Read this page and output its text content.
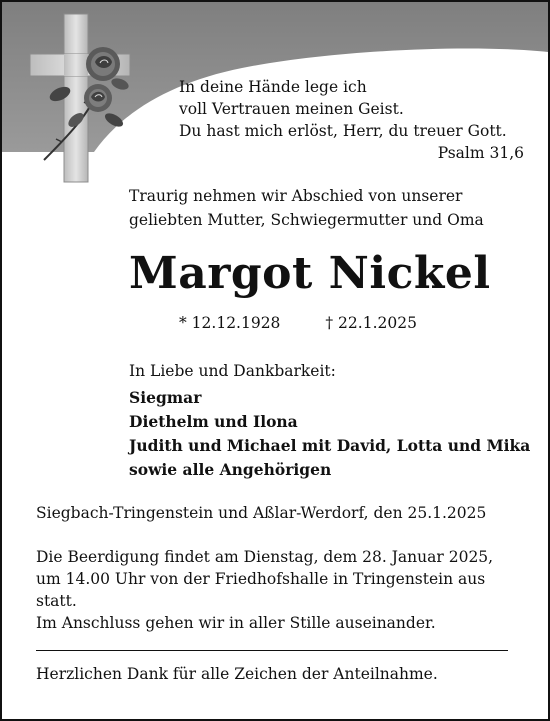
In deine Hände lege ich
voll Vertrauen meinen Geist.
Du hast mich erlöst, Herr, du treuer Gott.
Psalm 31,6
Traurig nehmen wir Abschied von unserer
geliebten Mutter, Schwiegermutter und Oma
Margot Nickel
* 12.12.1928	† 22.1.2025
In Liebe und Dankbarkeit:
Siegmar
Diethelm und Ilona
Judith und Michael mit David, Lotta und Mika
sowie alle Angehörigen
Siegbach-Tringenstein und Aßlar-Werdorf, den 25.1.2025
Die Beerdigung findet am Dienstag, dem 28. Januar 2025,
um 14.00 Uhr von der Friedhofshalle in Tringenstein aus
statt.
Im Anschluss gehen wir in aller Stille auseinander.
Herzlichen Dank für alle Zeichen der Anteilnahme.
